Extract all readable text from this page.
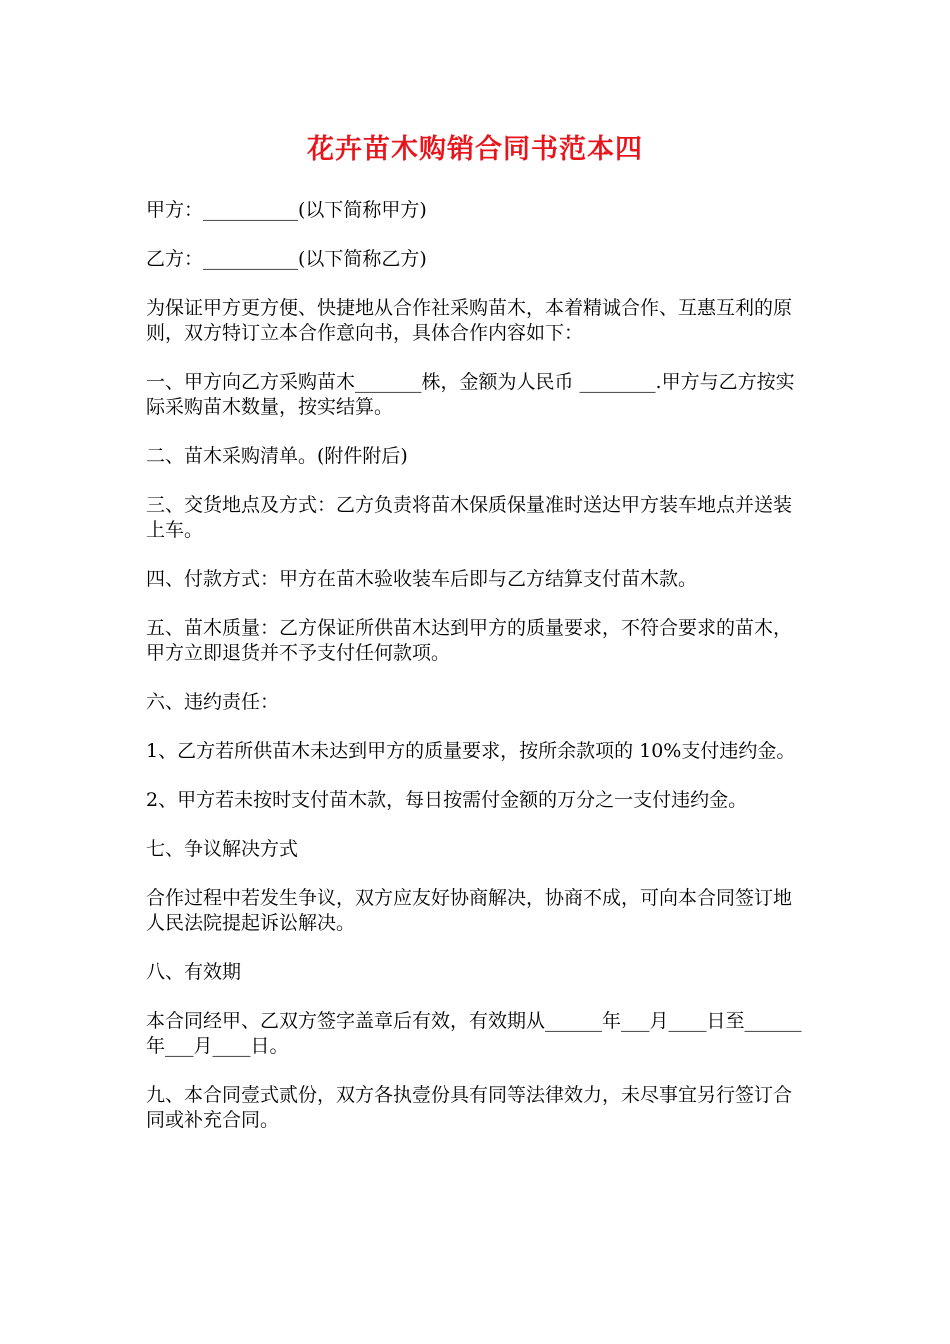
花卉苗木购销合同书范本四

甲方：__________(以下简称甲方)

乙方：__________(以下简称乙方)

为保证甲方更方便、快捷地从合作社采购苗木，本着精诚合作、互惠互利的原则，双方特订立本合作意向书，具体合作内容如下：

一、甲方向乙方采购苗木_______株，金额为人民币 ________.甲方与乙方按实际采购苗木数量，按实结算。

二、苗木采购清单。(附件附后)

三、交货地点及方式：乙方负责将苗木保质保量准时送达甲方装车地点并送装上车。

四、付款方式：甲方在苗木验收装车后即与乙方结算支付苗木款。

五、苗木质量：乙方保证所供苗木达到甲方的质量要求，不符合要求的苗木，甲方立即退货并不予支付任何款项。

六、违约责任：

1、乙方若所供苗木未达到甲方的质量要求，按所余款项的 10%支付违约金。

2、甲方若未按时支付苗木款，每日按需付金额的万分之一支付违约金。

七、争议解决方式

合作过程中若发生争议，双方应友好协商解决，协商不成，可向本合同签订地人民法院提起诉讼解决。

八、有效期

本合同经甲、乙双方签字盖章后有效，有效期从______年___月____日至______年___月____日。

九、本合同壹式贰份，双方各执壹份具有同等法律效力，未尽事宜另行签订合同或补充合同。
